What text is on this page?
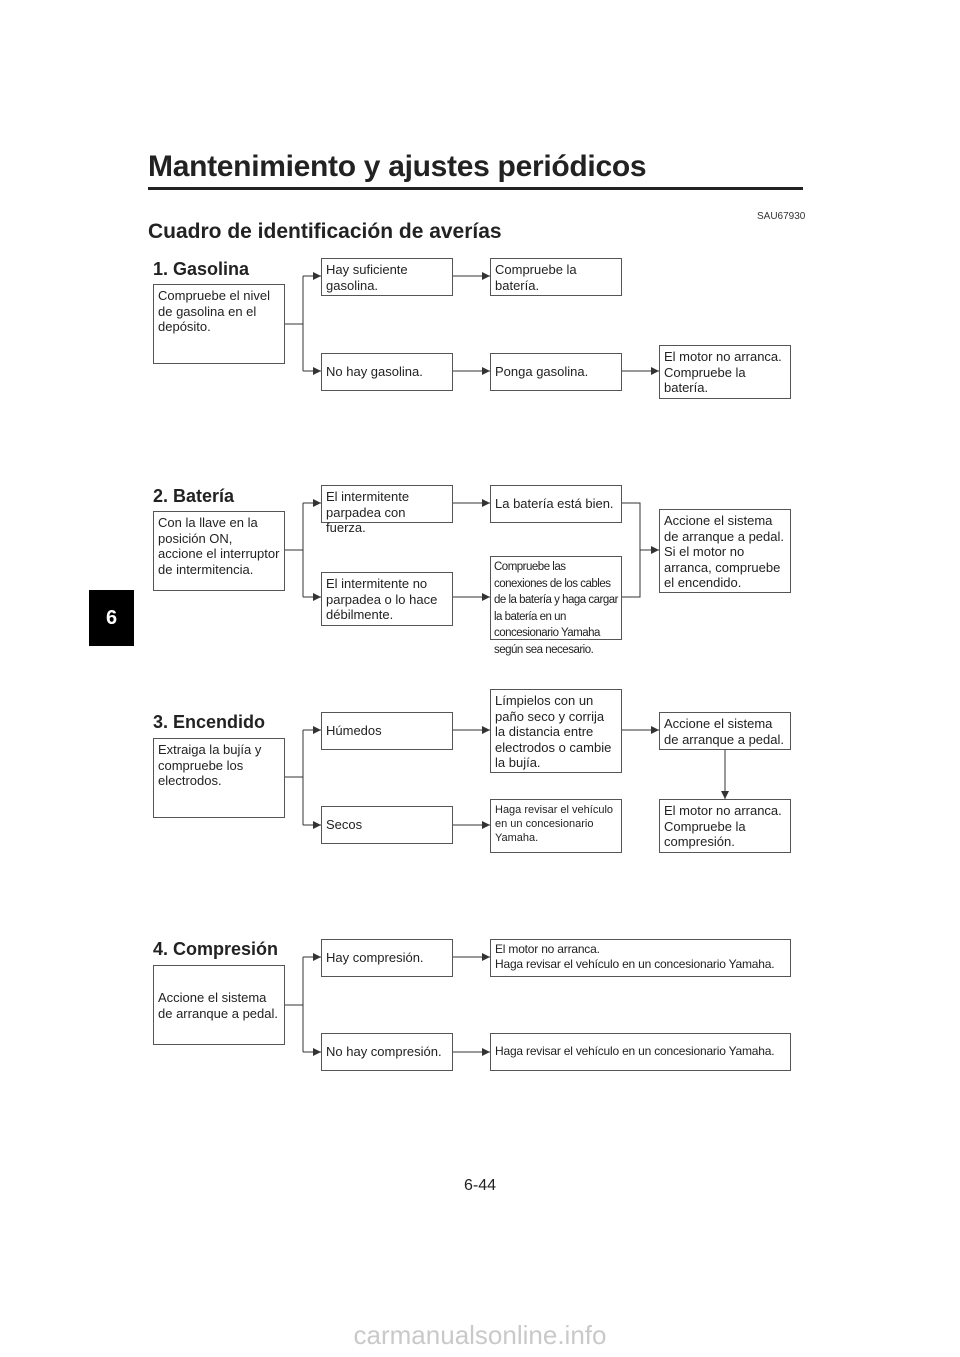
Mantenimiento y ajustes periódicos
SAU67930
Cuadro de identificación de averías
6
1. Gasolina
Compruebe el nivel de gasolina en el depósito.
Hay suficiente gasolina.
No hay gasolina.
Compruebe la batería.
Ponga gasolina.
El motor no arranca. Compruebe la batería.
2. Batería
Con la llave en la posición ON, accione el interruptor de intermitencia.
El intermitente parpadea con fuerza.
El intermitente no parpadea o lo hace débilmente.
La batería está bien.
Compruebe las conexiones de los cables de la batería y haga cargar la batería en un concesionario Yamaha según sea necesario.
Accione el sistema de arranque a pedal. Si el motor no arranca, compruebe el encendido.
3. Encendido
Extraiga la bujía y compruebe los electrodos.
Húmedos
Secos
Límpielos con un paño seco y corrija la distancia entre electrodos o cambie la bujía.
Haga revisar el vehículo en un concesionario Yamaha.
Accione el sistema de arranque a pedal.
El motor no arranca. Compruebe la compresión.
4. Compresión
Accione el sistema de arranque a pedal.
Hay compresión.
No hay compresión.
El motor no arranca.
Haga revisar el vehículo en un concesionario Yamaha.
Haga revisar el vehículo en un concesionario Yamaha.
6-44
carmanualsonline.info
